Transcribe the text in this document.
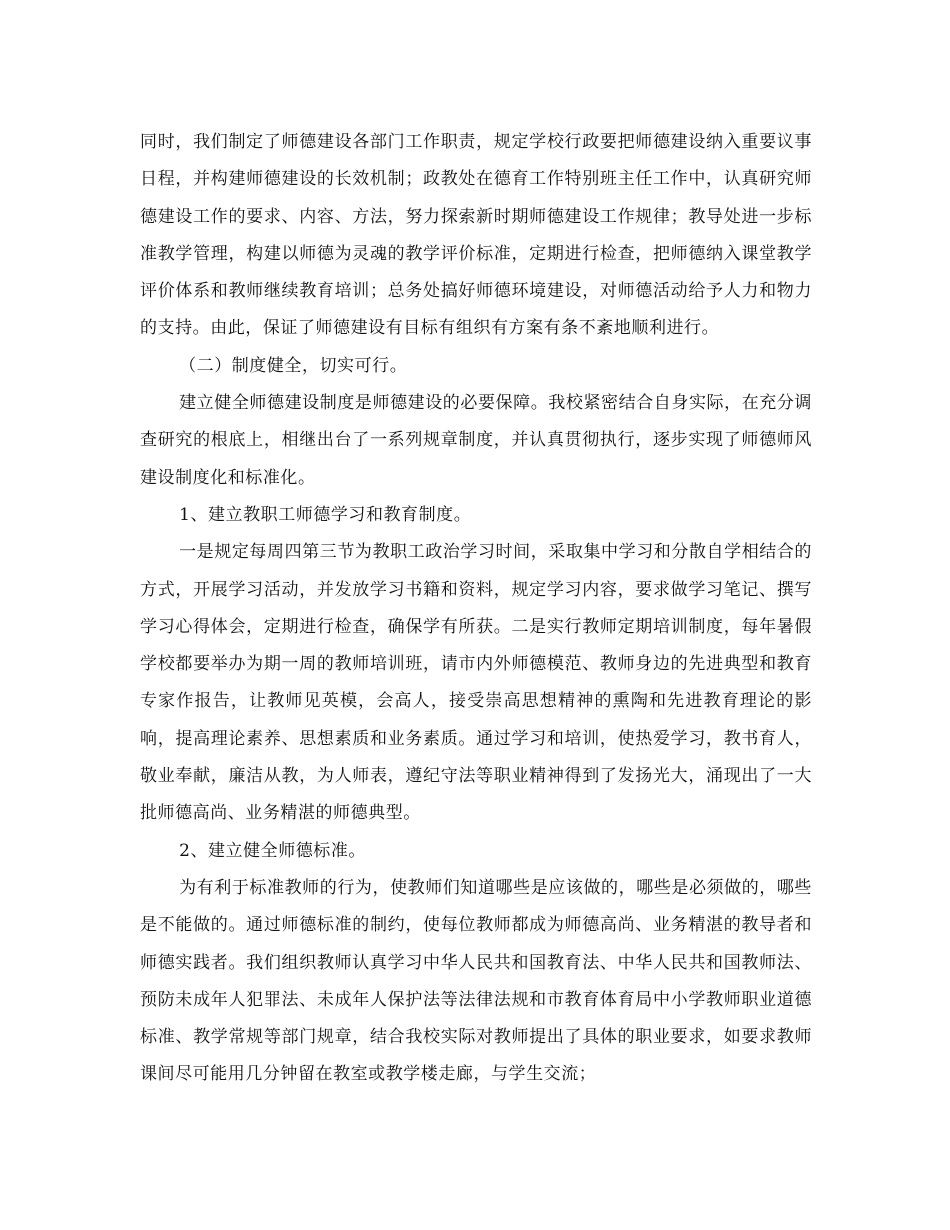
同时，我们制定了师德建设各部门工作职责，规定学校行政要把师德建设纳入重要议事日程，并构建师德建设的长效机制；政教处在德育工作特别班主任工作中，认真研究师德建设工作的要求、内容、方法，努力探索新时期师德建设工作规律；教导处进一步标准教学管理，构建以师德为灵魂的教学评价标准，定期进行检查，把师德纳入课堂教学评价体系和教师继续教育培训；总务处搞好师德环境建设，对师德活动给予人力和物力的支持。由此，保证了师德建设有目标有组织有方案有条不紊地顺利进行。

（二）制度健全，切实可行。

建立健全师德建设制度是师德建设的必要保障。我校紧密结合自身实际，在充分调查研究的根底上，相继出台了一系列规章制度，并认真贯彻执行，逐步实现了师德师风建设制度化和标准化。

1、建立教职工师德学习和教育制度。

一是规定每周四第三节为教职工政治学习时间，采取集中学习和分散自学相结合的方式，开展学习活动，并发放学习书籍和资料，规定学习内容，要求做学习笔记、撰写学习心得体会，定期进行检查，确保学有所获。二是实行教师定期培训制度，每年暑假学校都要举办为期一周的教师培训班，请市内外师德模范、教师身边的先进典型和教育专家作报告，让教师见英模，会高人，接受崇高思想精神的熏陶和先进教育理论的影响，提高理论素养、思想素质和业务素质。通过学习和培训，使热爱学习，教书育人，敬业奉献，廉洁从教，为人师表，遵纪守法等职业精神得到了发扬光大，涌现出了一大批师德高尚、业务精湛的师德典型。

2、建立健全师德标准。

为有利于标准教师的行为，使教师们知道哪些是应该做的，哪些是必须做的，哪些是不能做的。通过师德标准的制约，使每位教师都成为师德高尚、业务精湛的教导者和师德实践者。我们组织教师认真学习中华人民共和国教育法、中华人民共和国教师法、预防未成年人犯罪法、未成年人保护法等法律法规和市教育体育局中小学教师职业道德标准、教学常规等部门规章，结合我校实际对教师提出了具体的职业要求，如要求教师课间尽可能用几分钟留在教室或教学楼走廊，与学生交流；
